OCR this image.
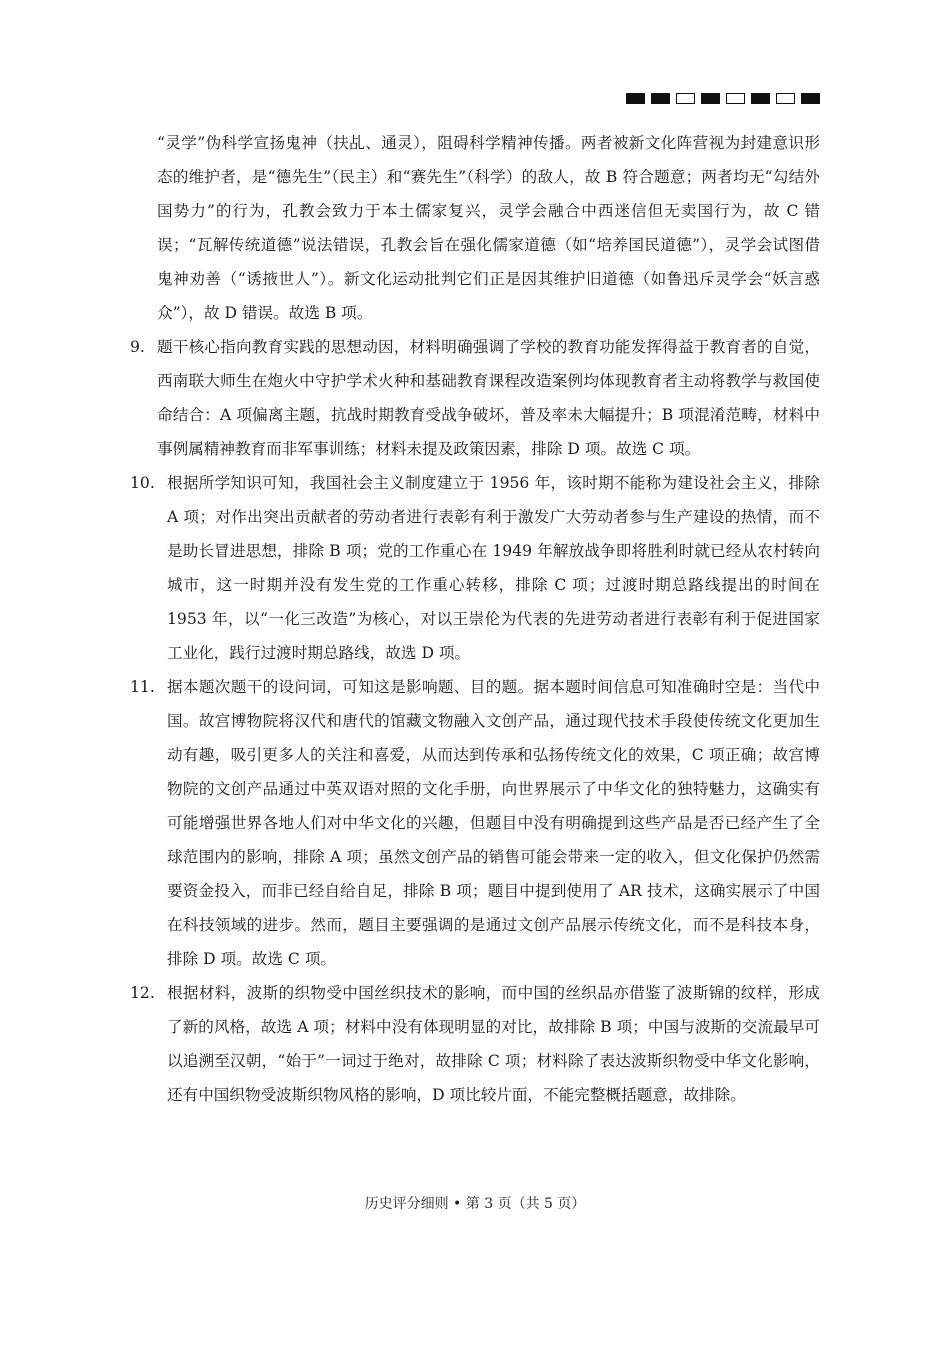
“灵学”伪科学宣扬鬼神（扶乩、通灵），阻碍科学精神传播。两者被新文化阵营视为封建意识形态的维护者，是“德先生”（民主）和“赛先生”（科学）的敌人，故 B 符合题意；两者均无“勾结外国势力”的行为，孔教会致力于本土儒家复兴，灵学会融合中西迷信但无卖国行为，故 C 错误；“瓦解传统道德”说法错误，孔教会旨在强化儒家道德（如“培养国民道德”），灵学会试图借鬼神劝善（“诱掖世人”）。新文化运动批判它们正是因其维护旧道德（如鲁迅斥灵学会“妖言惑众”），故 D 错误。故选 B 项。

9. 题干核心指向教育实践的思想动因，材料明确强调了学校的教育功能发挥得益于教育者的自觉，西南联大师生在炮火中守护学术火种和基础教育课程改造案例均体现教育者主动将教学与救国使命结合：A 项偏离主题，抗战时期教育受战争破坏，普及率未大幅提升；B 项混淆范畴，材料中事例属精神教育而非军事训练；材料未提及政策因素，排除 D 项。故选 C 项。
10. 根据所学知识可知，我国社会主义制度建立于 1956 年，该时期不能称为建设社会主义，排除 A 项；对作出突出贡献者的劳动者进行表彰有利于激发广大劳动者参与生产建设的热情，而不是助长冒进思想，排除 B 项；党的工作重心在 1949 年解放战争即将胜利时就已经从农村转向城市，这一时期并没有发生党的工作重心转移，排除 C 项；过渡时期总路线提出的时间在 1953 年，以“一化三改造”为核心，对以王崇伦为代表的先进劳动者进行表彰有利于促进国家工业化，践行过渡时期总路线，故选 D 项。
11. 据本题次题干的设问词，可知这是影响题、目的题。据本题时间信息可知准确时空是：当代中国。故宫博物院将汉代和唐代的馆藏文物融入文创产品，通过现代技术手段使传统文化更加生动有趣，吸引更多人的关注和喜爱，从而达到传承和弘扬传统文化的效果，C 项正确；故宫博物院的文创产品通过中英双语对照的文化手册，向世界展示了中华文化的独特魅力，这确实有可能增强世界各地人们对中华文化的兴趣，但题目中没有明确提到这些产品是否已经产生了全球范围内的影响，排除 A 项；虽然文创产品的销售可能会带来一定的收入，但文化保护仍然需要资金投入，而非已经自给自足，排除 B 项；题目中提到使用了 AR 技术，这确实展示了中国在科技领域的进步。然而，题目主要强调的是通过文创产品展示传统文化，而不是科技本身，排除 D 项。故选 C 项。
12. 根据材料，波斯的织物受中国丝织技术的影响，而中国的丝织品亦借鉴了波斯锦的纹样，形成了新的风格，故选 A 项；材料中没有体现明显的对比，故排除 B 项；中国与波斯的交流最早可以追溯至汉朝，“始于”一词过于绝对，故排除 C 项；材料除了表达波斯织物受中华文化影响，还有中国织物受波斯织物风格的影响，D 项比较片面，不能完整概括题意，故排除。
历史评分细则 • 第 3 页（共 5 页）
